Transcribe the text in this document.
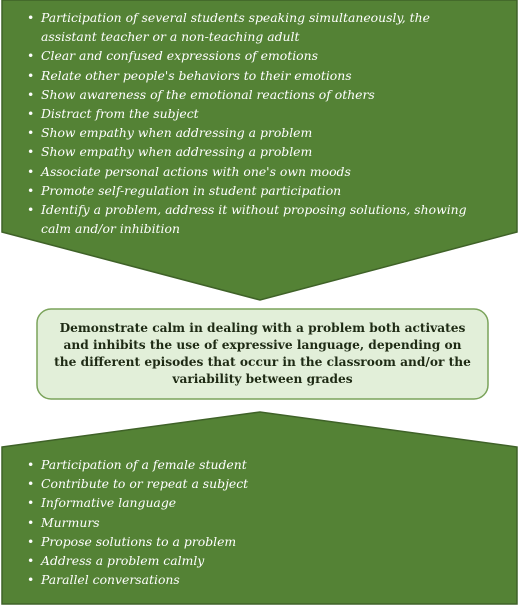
• Participation of several students speaking simultaneously, the assistant teacher or a non-teaching adult
• Clear and confused expressions of emotions
• Relate other people's behaviors to their emotions
• Show awareness of the emotional reactions of others
• Distract from the subject
• Show empathy when addressing a problem
• Show empathy when addressing a problem
• Associate personal actions with one's own moods
• Promote self-regulation in student participation
• Identify a problem, address it without proposing solutions, showing calm and/or inhibition
Demonstrate calm in dealing with a problem both activates and inhibits the use of expressive language, depending on the different episodes that occur in the classroom and/or the variability between grades
• Participation of a female student
• Contribute to or repeat a subject
• Informative language
• Murmurs
• Propose solutions to a problem
• Address a problem calmly
• Parallel conversations
